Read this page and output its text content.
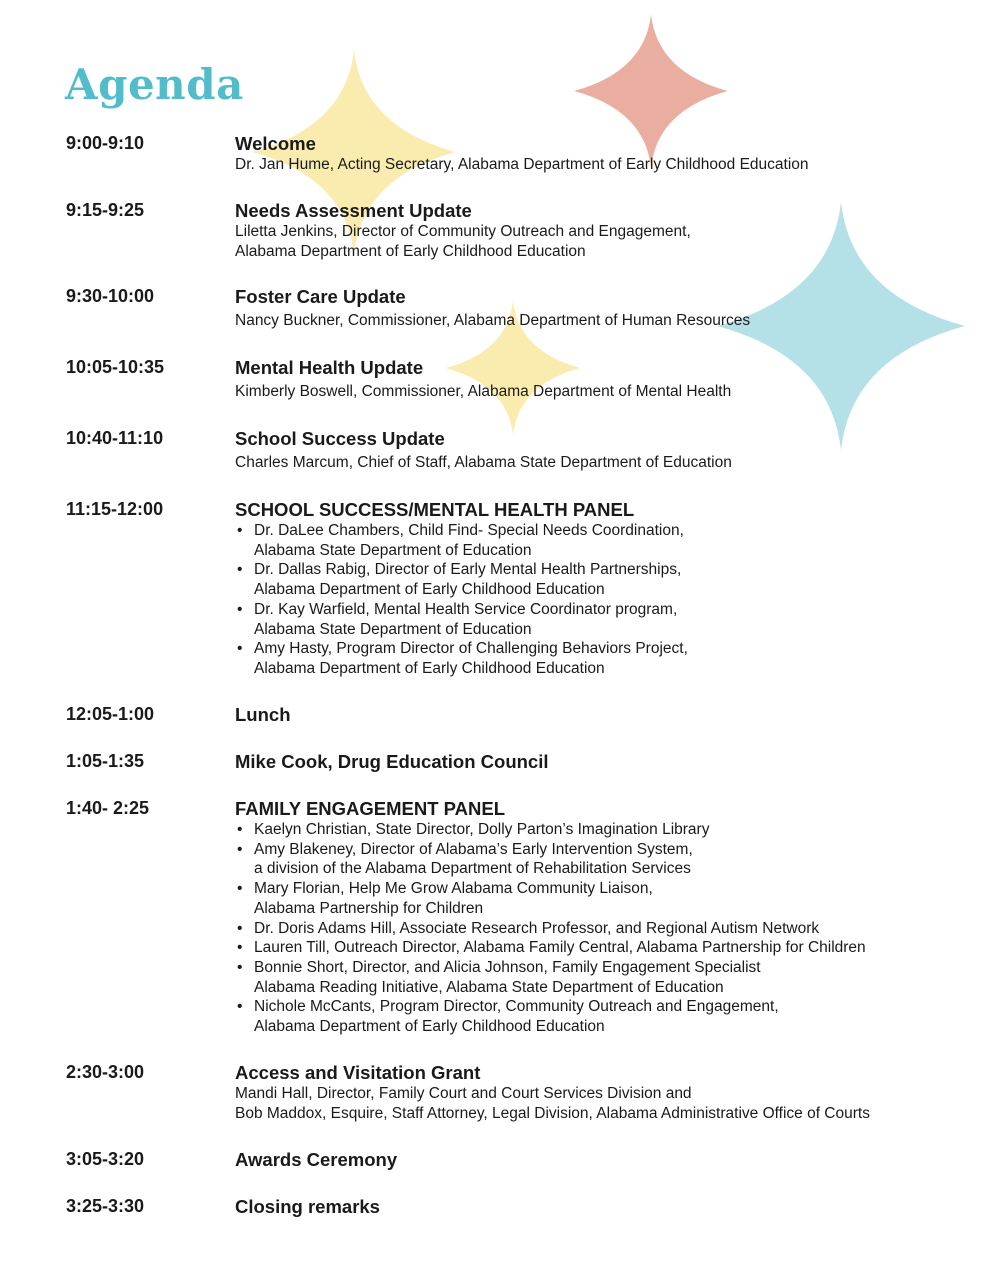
Agenda
9:00-9:10	Welcome
Dr. Jan Hume, Acting Secretary, Alabama Department of Early Childhood Education
9:15-9:25	Needs Assessment Update
Liletta Jenkins, Director of Community Outreach and Engagement,
Alabama Department of Early Childhood Education
9:30-10:00	Foster Care Update
Nancy Buckner, Commissioner, Alabama Department of Human Resources
10:05-10:35	Mental Health Update
Kimberly Boswell, Commissioner, Alabama Department of Mental Health
10:40-11:10	School Success Update
Charles Marcum, Chief of Staff, Alabama State Department of Education
11:15-12:00	SCHOOL SUCCESS/MENTAL HEALTH PANEL
• Dr. DaLee Chambers, Child Find- Special Needs Coordination,
Alabama State Department of Education
• Dr. Dallas Rabig, Director of Early Mental Health Partnerships,
Alabama Department of Early Childhood Education
• Dr. Kay Warfield, Mental Health Service Coordinator program,
Alabama State Department of Education
• Amy Hasty, Program Director of Challenging Behaviors Project,
Alabama Department of Early Childhood Education
12:05-1:00	Lunch
1:05-1:35	Mike Cook, Drug Education Council
1:40- 2:25	FAMILY ENGAGEMENT PANEL
• Kaelyn Christian, State Director, Dolly Parton’s Imagination Library
• Amy Blakeney, Director of Alabama’s Early Intervention System,
a division of the Alabama Department of Rehabilitation Services
• Mary Florian, Help Me Grow Alabama Community Liaison,
Alabama Partnership for Children
• Dr. Doris Adams Hill, Associate Research Professor, and Regional Autism Network
• Lauren Till, Outreach Director, Alabama Family Central, Alabama Partnership for Children
• Bonnie Short, Director, and Alicia Johnson, Family Engagement Specialist
Alabama Reading Initiative, Alabama State Department of Education
• Nichole McCants, Program Director, Community Outreach and Engagement,
Alabama Department of Early Childhood Education
2:30-3:00	Access and Visitation Grant
Mandi Hall, Director, Family Court and Court Services Division and
Bob Maddox, Esquire, Staff Attorney, Legal Division, Alabama Administrative Office of Courts
3:05-3:20	Awards Ceremony
3:25-3:30	Closing remarks
